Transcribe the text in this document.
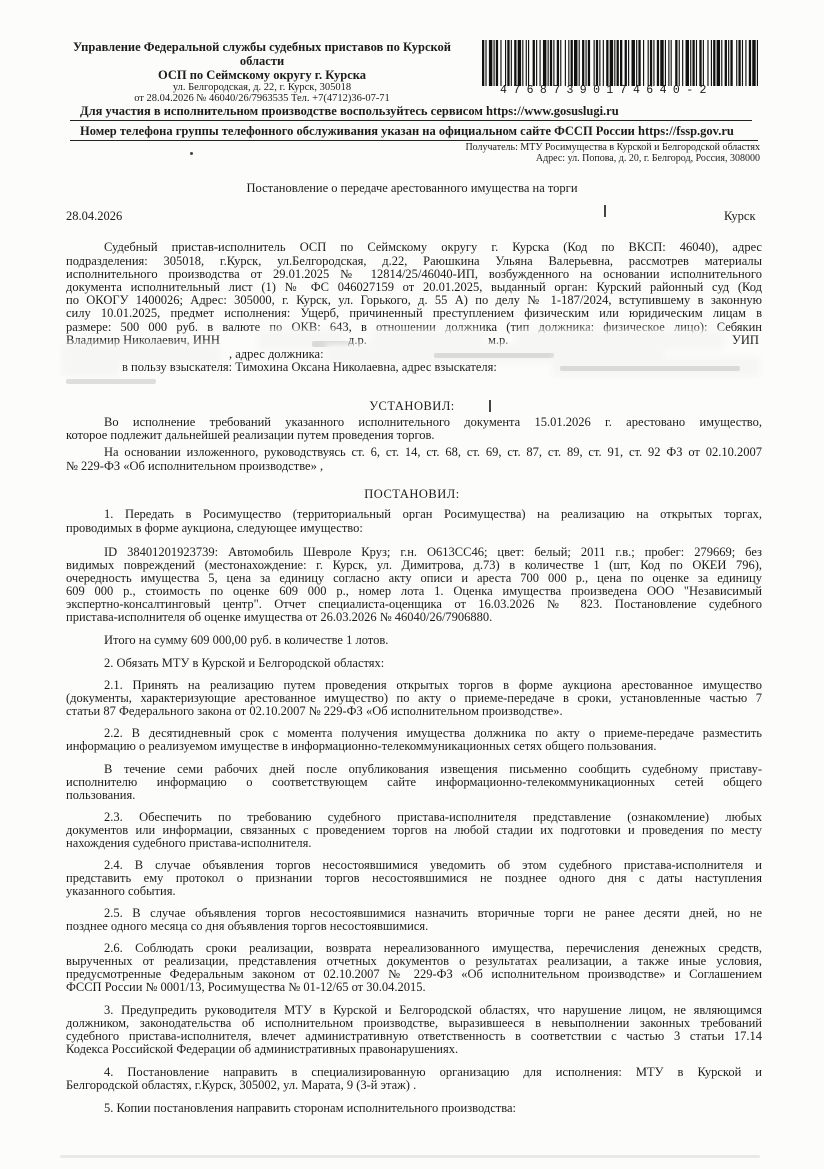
Управление Федеральной службы судебных приставов по Курской
области
ОСП по Сеймскому округу г. Курска
ул. Белгородская, д. 22, г. Курск, 305018
от 28.04.2026 № 46040/26/7963535 Тел. +7(4712)36-07-71
47687390174640-2
Для участия в исполнительном производстве воспользуйтесь сервисом https://www.gosuslugi.ru
Номер телефона группы телефонного обслуживания указан на официальном сайте ФССП России https://fssp.gov.ru
Получатель: МТУ Росимущества в Курской и Белгородской областях
Адрес: ул. Попова, д. 20, г. Белгород, Россия, 308000
Постановление о передаче арестованного имущества на торги
28.04.2026	Курск
Судебный пристав-исполнитель ОСП по Сеймскому округу г. Курска (Код по ВКСП: 46040), адрес
подразделения: 305018, г.Курск, ул.Белгородская, д.22, Раюшкина Ульяна Валерьевна, рассмотрев материалы
исполнительного производства от 29.01.2025 № 12814/25/46040-ИП, возбужденного на основании исполнительного
документа исполнительный лист (1) № ФС 046027159 от 20.01.2025, выданный орган: Курский районный суд (Код
по ОКОГУ 1400026; Адрес: 305000, г. Курск, ул. Горького, д. 55 А) по делу № 1-187/2024, вступившему в законную
силу 10.01.2025, предмет исполнения: Ущерб, причиненный преступлением физическим или юридическим лицам в
размере: 500 000 руб. в валюте по ОКВ: 643, в отношении должника (тип должника: физическое лицо): Себякин
Владимир Николаевич, ИНН	д.р.	м.р.	УИП

, адрес должника:
в пользу взыскателя: Тимохина Оксана Николаевна, адрес взыскателя:
УСТАНОВИЛ:
Во исполнение требований указанного исполнительного документа 15.01.2026 г. арестовано имущество,
которое подлежит дальнейшей реализации путем проведения торгов.
На основании изложенного, руководствуясь ст. 6, ст. 14, ст. 68, ст. 69, ст. 87, ст. 89, ст. 91, ст. 92 ФЗ от 02.10.2007
№ 229-ФЗ «Об исполнительном производстве» ,
ПОСТАНОВИЛ:
1. Передать в Росимущество (территориальный орган Росимущества) на реализацию на открытых торгах,
проводимых в форме аукциона, следующее имущество:
ID 38401201923739: Автомобиль Шевроле Круз; г.н. О613СС46; цвет: белый; 2011 г.в.; пробег: 279669; без
видимых повреждений (местонахождение: г. Курск, ул. Димитрова, д.73) в количестве 1 (шт, Код по ОКЕИ 796),
очередность имущества 5, цена за единицу согласно акту описи и ареста 700 000 р., цена по оценке за единицу
609 000 р., стоимость по оценке 609 000 р., номер лота 1. Оценка имущества произведена ООО "Независимый
экспертно-консалтинговый центр". Отчет специалиста-оценщика от 16.03.2026 № 823. Постановление судебного
пристава-исполнителя об оценке имущества от 26.03.2026 № 46040/26/7906880.
Итого на сумму 609 000,00 руб. в количестве 1 лотов.
2. Обязать МТУ в Курской и Белгородской областях:
2.1. Принять на реализацию путем проведения открытых торгов в форме аукциона арестованное имущество
(документы, характеризующие арестованное имущество) по акту о приеме-передаче в сроки, установленные частью 7
статьи 87 Федерального закона от 02.10.2007 № 229-ФЗ «Об исполнительном производстве».
2.2. В десятидневный срок с момента получения имущества должника по акту о приеме-передаче разместить
информацию о реализуемом имуществе в информационно-телекоммуникационных сетях общего пользования.
В течение семи рабочих дней после опубликования извещения письменно сообщить судебному приставу-
исполнителю информацию о соответствующем сайте информационно-телекоммуникационных сетей общего
пользования.
2.3. Обеспечить по требованию судебного пристава-исполнителя представление (ознакомление) любых
документов или информации, связанных с проведением торгов на любой стадии их подготовки и проведения по месту
нахождения судебного пристава-исполнителя.
2.4. В случае объявления торгов несостоявшимися уведомить об этом судебного пристава-исполнителя и
представить ему протокол о признании торгов несостоявшимися не позднее одного дня с даты наступления
указанного события.
2.5. В случае объявления торгов несостоявшимися назначить вторичные торги не ранее десяти дней, но не
позднее одного месяца со дня объявления торгов несостоявшимися.
2.6. Соблюдать сроки реализации, возврата нереализованного имущества, перечисления денежных средств,
вырученных от реализации, представления отчетных документов о результатах реализации, а также иные условия,
предусмотренные Федеральным законом от 02.10.2007 № 229-ФЗ «Об исполнительном производстве» и Соглашением
ФССП России № 0001/13, Росимущества № 01-12/65 от 30.04.2015.
3. Предупредить руководителя МТУ в Курской и Белгородской областях, что нарушение лицом, не являющимся
должником, законодательства об исполнительном производстве, выразившееся в невыполнении законных требований
судебного пристава-исполнителя, влечет административную ответственность в соответствии с частью 3 статьи 17.14
Кодекса Российской Федерации об административных правонарушениях.
4. Постановление направить в специализированную организацию для исполнения: МТУ в Курской и
Белгородской областях, г.Курск, 305002, ул. Марата, 9 (3-й этаж) .
5. Копии постановления направить сторонам исполнительного производства:
